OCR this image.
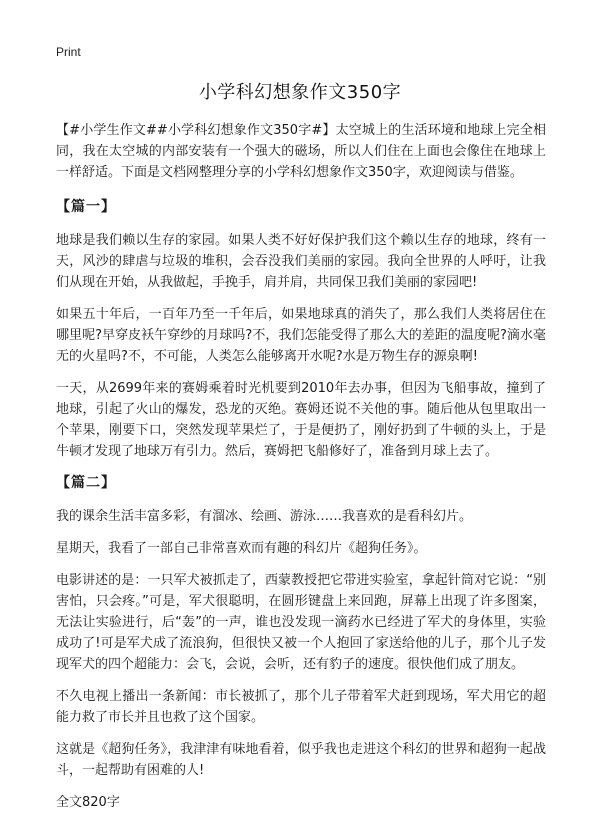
Print
小学科幻想象作文350字

【#小学生作文##小学科幻想象作文350字#】太空城上的生活环境和地球上完全相同，我在太空城的内部安装有一个强大的磁场，所以人们住在上面也会像住在地球上一样舒适。下面是文档网整理分享的小学科幻想象作文350字，欢迎阅读与借鉴。

【篇一】

地球是我们赖以生存的家园。如果人类不好好保护我们这个赖以生存的地球，终有一天，风沙的肆虐与垃圾的堆积，会吞没我们美丽的家园。我向全世界的人呼吁，让我们从现在开始，从我做起，手挽手，肩并肩，共同保卫我们美丽的家园吧!

如果五十年后，一百年乃至一千年后，如果地球真的消失了，那么我们人类将居住在哪里呢?早穿皮袄午穿纱的月球吗?不，我们怎能受得了那么大的差距的温度呢?滴水毫无的火星吗?不，不可能，人类怎么能够离开水呢?水是万物生存的源泉啊!

一天，从2699年来的赛姆乘着时光机要到2010年去办事，但因为飞船事故，撞到了地球，引起了火山的爆发，恐龙的灭绝。赛姆还说不关他的事。随后他从包里取出一个苹果，刚要下口，突然发现苹果烂了，于是便扔了，刚好扔到了牛顿的头上，于是牛顿才发现了地球万有引力。然后，赛姆把飞船修好了，准备到月球上去了。

【篇二】

我的课余生活丰富多彩，有溜冰、绘画、游泳……我喜欢的是看科幻片。

星期天，我看了一部自己非常喜欢而有趣的科幻片《超狗任务》。

电影讲述的是：一只军犬被抓走了，西蒙教授把它带进实验室，拿起针筒对它说：“别害怕，只会疼。”可是，军犬很聪明，在圆形键盘上来回跑，屏幕上出现了许多图案，无法让实验进行，后“轰”的一声，谁也没发现一滴药水已经进了军犬的身体里，实验成功了!可是军犬成了流浪狗，但很快又被一个人抱回了家送给他的儿子，那个儿子发现军犬的四个超能力：会飞，会说，会听，还有豹子的速度。很快他们成了朋友。

不久电视上播出一条新闻：市长被抓了，那个儿子带着军犬赶到现场，军犬用它的超能力救了市长并且也救了这个国家。

这就是《超狗任务》，我津津有味地看着，似乎我也走进这个科幻的世界和超狗一起战斗，一起帮助有困难的人!

全文820字
